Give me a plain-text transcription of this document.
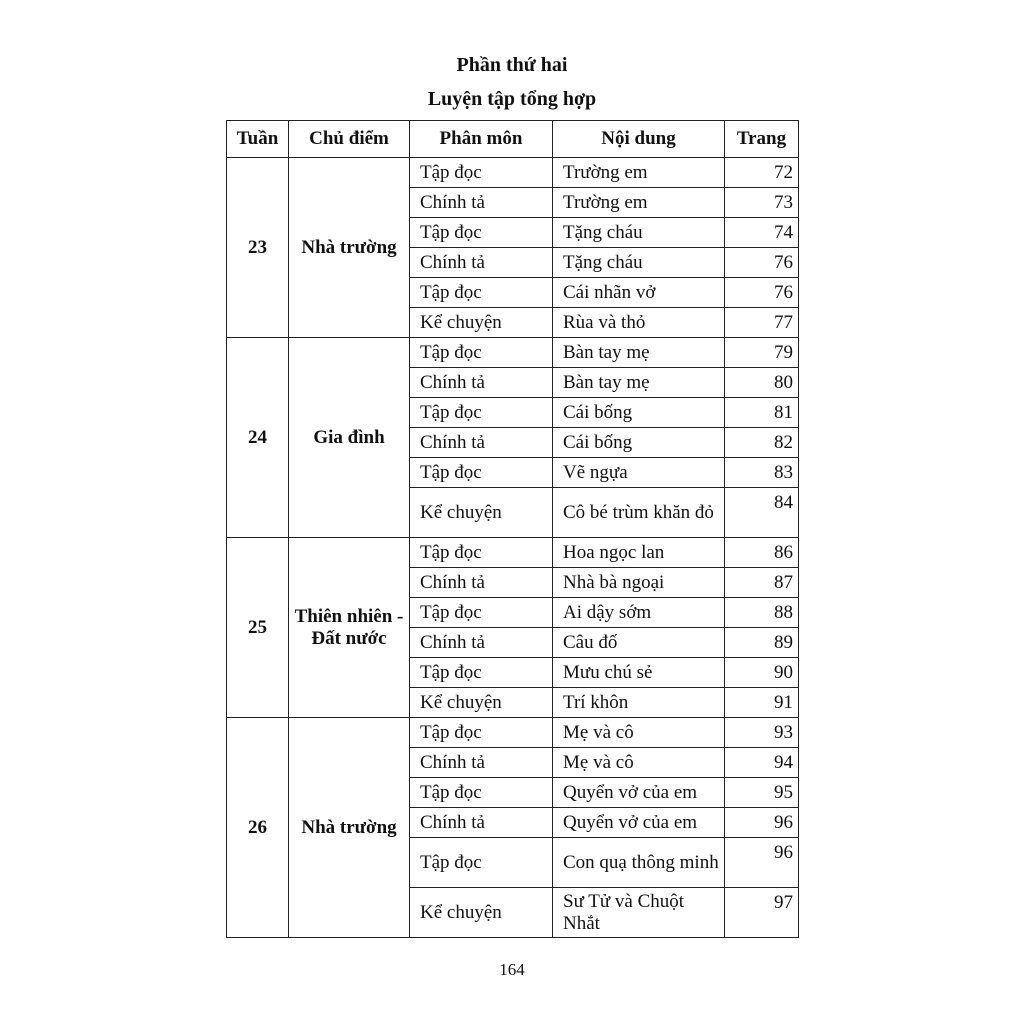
Phần thứ hai
Luyện tập tổng hợp
Tuần	Chủ điểm	Phân môn	Nội dung	Trang
23	Nhà trường	Tập đọc	Trường em	72
		Chính tả	Trường em	73
		Tập đọc	Tặng cháu	74
		Chính tả	Tặng cháu	76
		Tập đọc	Cái nhãn vở	76
		Kể chuyện	Rùa và thỏ	77
24	Gia đình	Tập đọc	Bàn tay mẹ	79
		Chính tả	Bàn tay mẹ	80
		Tập đọc	Cái bống	81
		Chính tả	Cái bống	82
		Tập đọc	Vẽ ngựa	83
		Kể chuyện	Cô bé trùm khăn đỏ	84
25	Thiên nhiên - Đất nước	Tập đọc	Hoa ngọc lan	86
		Chính tả	Nhà bà ngoại	87
		Tập đọc	Ai dậy sớm	88
		Chính tả	Câu đố	89
		Tập đọc	Mưu chú sẻ	90
		Kể chuyện	Trí khôn	91
26	Nhà trường	Tập đọc	Mẹ và cô	93
		Chính tả	Mẹ và cô	94
		Tập đọc	Quyển vở của em	95
		Chính tả	Quyển vở của em	96
		Tập đọc	Con quạ thông minh	96
		Kể chuyện	Sư Tử và Chuột Nhắt	97
164
